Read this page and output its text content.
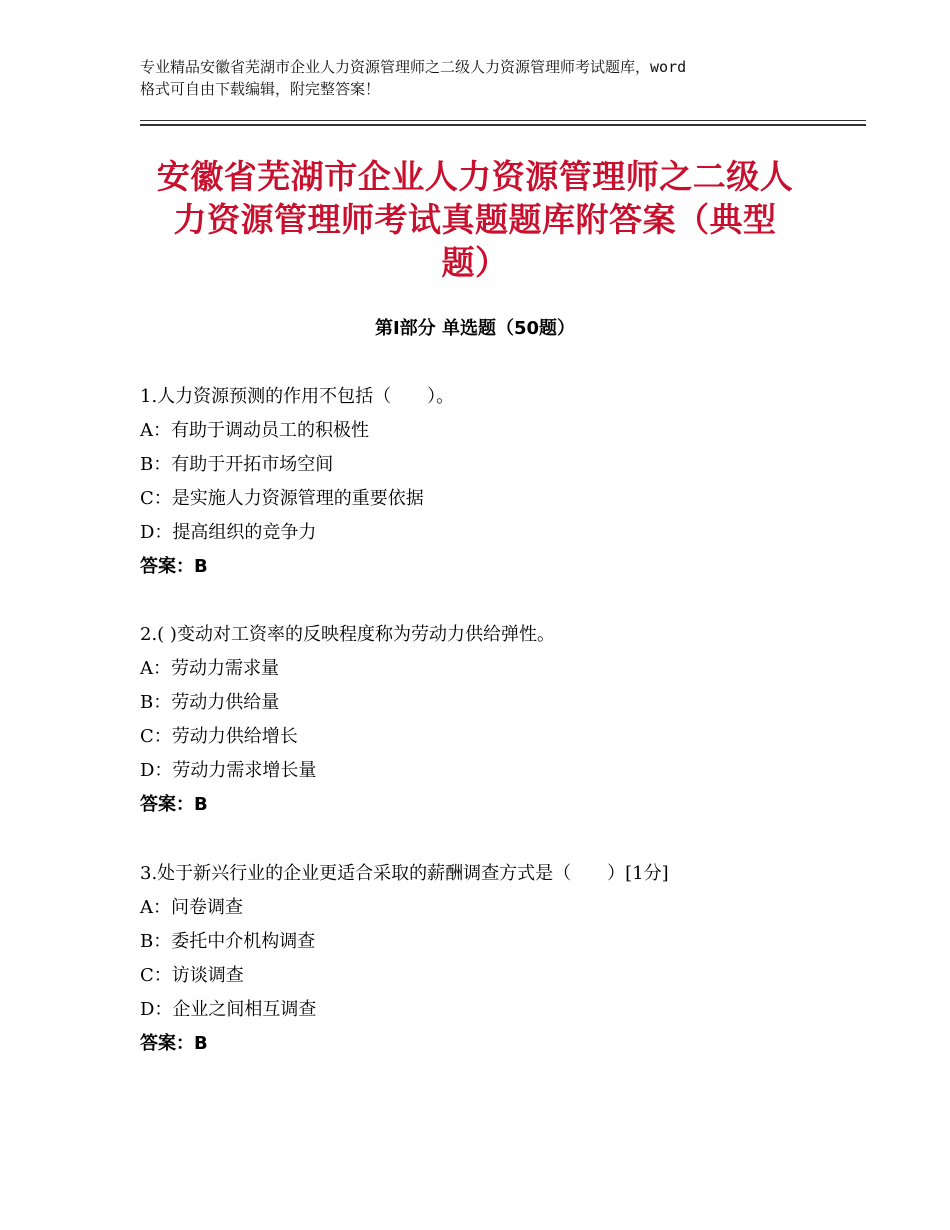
专业精品安徽省芜湖市企业人力资源管理师之二级人力资源管理师考试题库，word
格式可自由下载编辑，附完整答案！
安徽省芜湖市企业人力资源管理师之二级人
力资源管理师考试真题题库附答案（典型
题）
第Ⅰ部分 单选题（50题）
1.人力资源预测的作用不包括（　　）。
A：有助于调动员工的积极性
B：有助于开拓市场空间
C：是实施人力资源管理的重要依据
D：提高组织的竞争力
答案：B
2.( )变动对工资率的反映程度称为劳动力供给弹性。
A：劳动力需求量
B：劳动力供给量
C：劳动力供给增长
D：劳动力需求增长量
答案：B
3.处于新兴行业的企业更适合采取的薪酬调查方式是（　　）[1分]
A：问卷调查
B：委托中介机构调查
C：访谈调查
D：企业之间相互调查
答案：B
